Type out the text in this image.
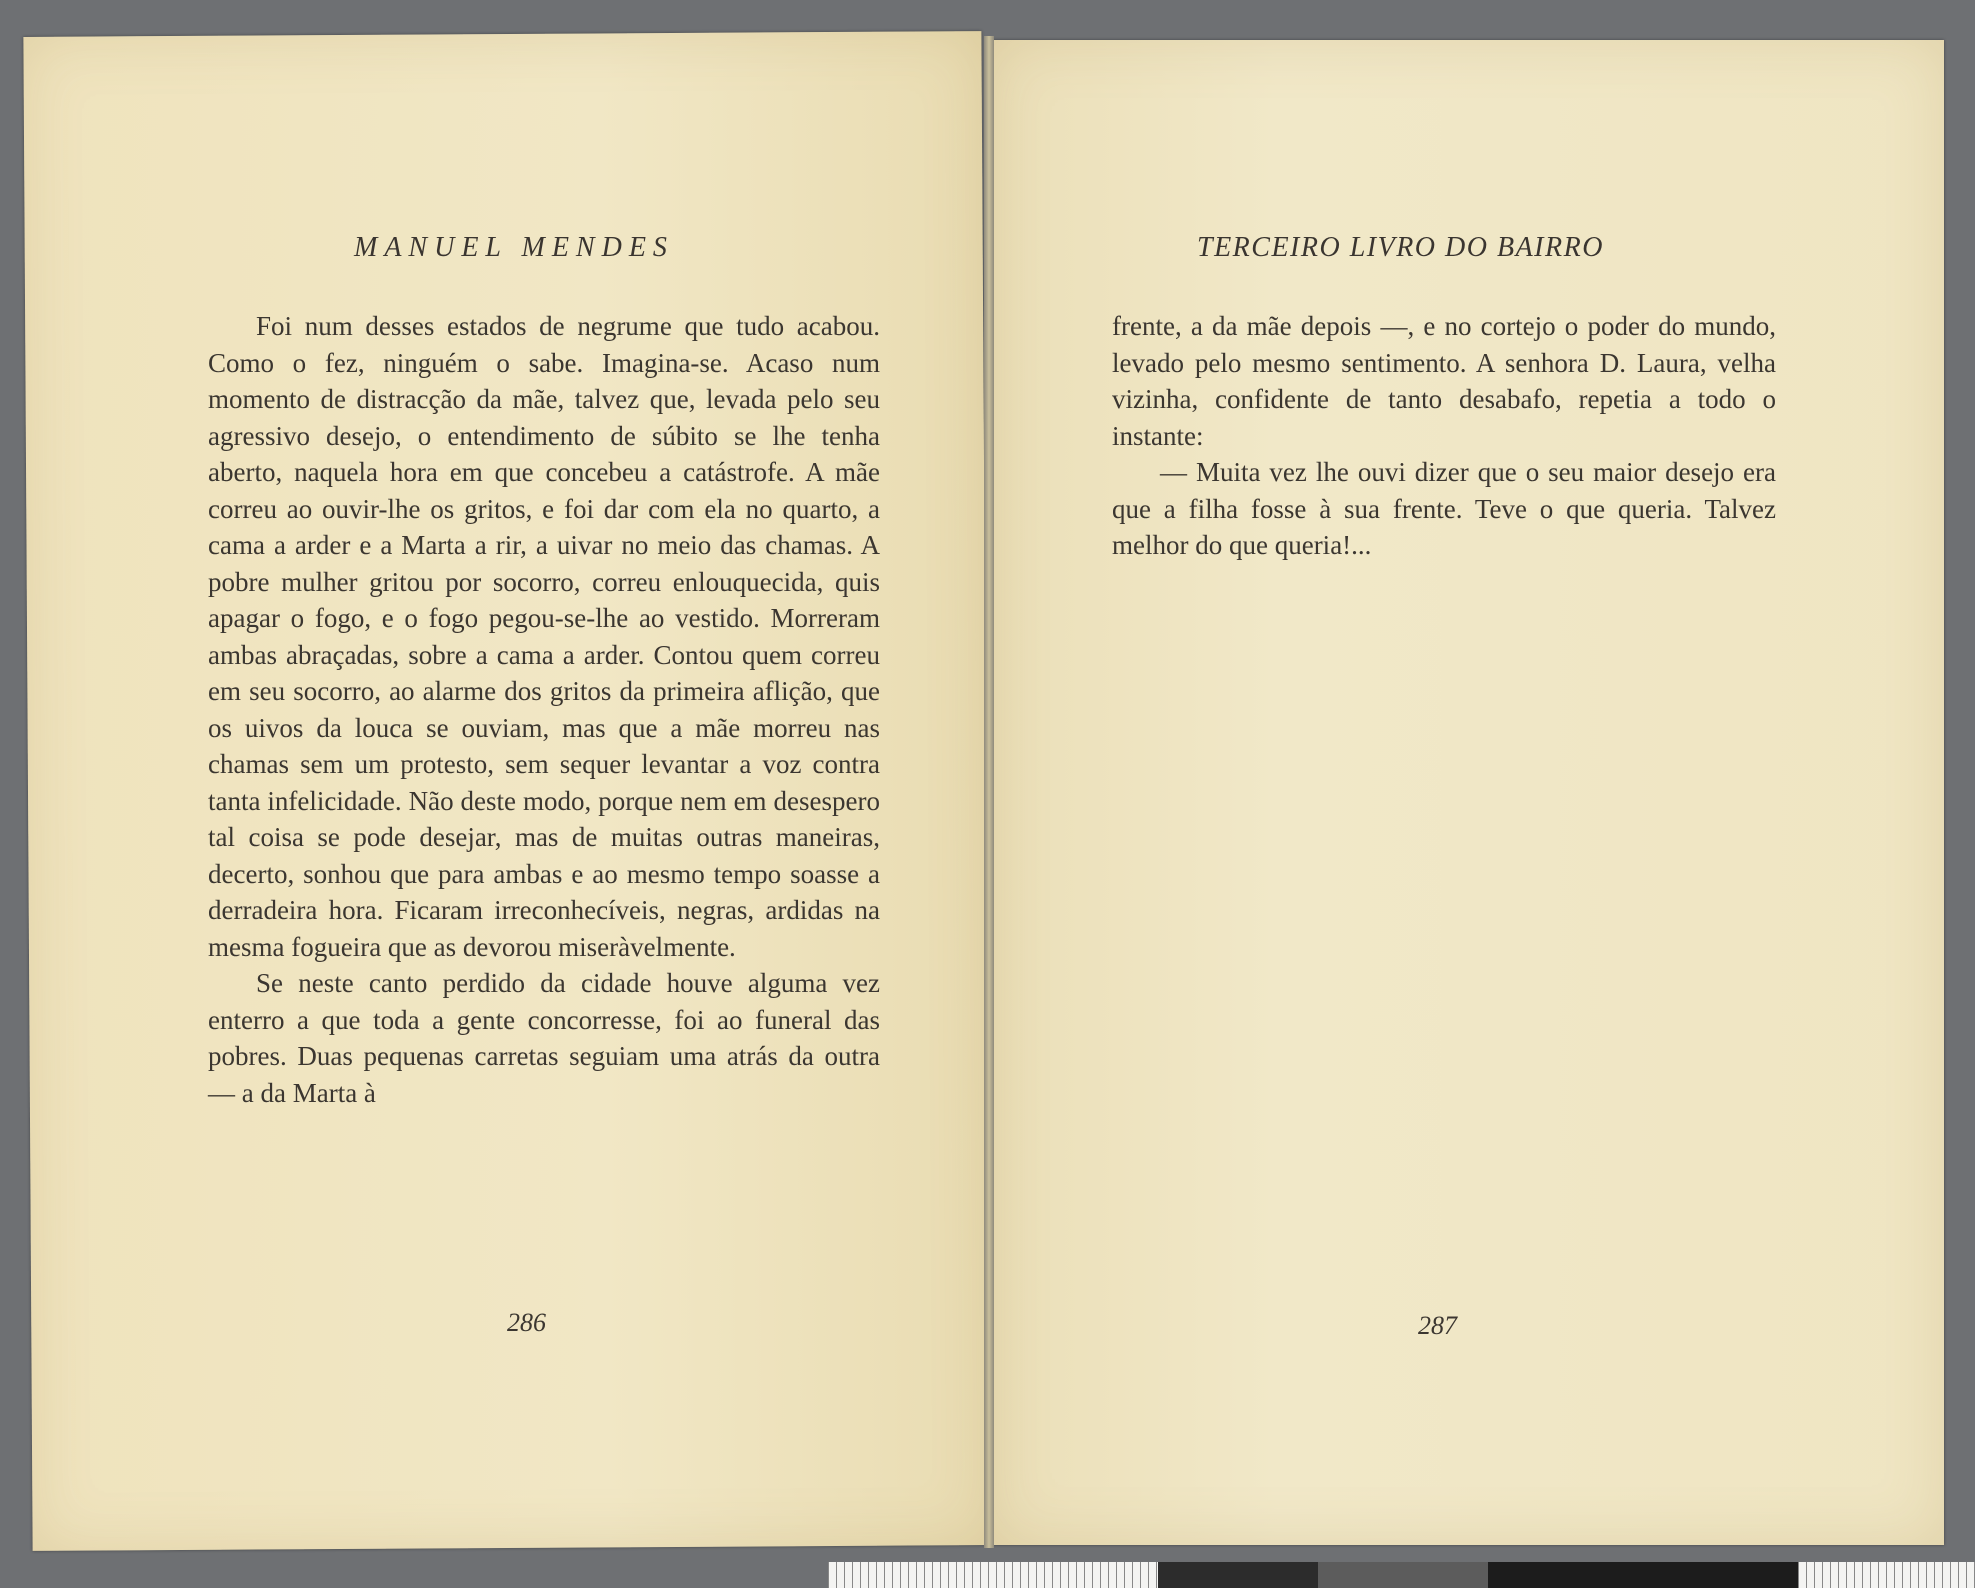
MANUEL MENDES

Foi num desses estados de negrume que tudo acabou. Como o fez, ninguém o sabe. Imagina-se. Acaso num momento de distracção da mãe, talvez que, levada pelo seu agressivo desejo, o entendimento de súbito se lhe tenha aberto, naquela hora em que concebeu a catástrofe. A mãe correu ao ouvir-lhe os gritos, e foi dar com ela no quarto, a cama a arder e a Marta a rir, a uivar no meio das chamas. A pobre mulher gritou por socorro, correu enlouquecida, quis apagar o fogo, e o fogo pegou-se-lhe ao vestido. Morreram ambas abraçadas, sobre a cama a arder. Contou quem correu em seu socorro, ao alarme dos gritos da primeira aflição, que os uivos da louca se ouviam, mas que a mãe morreu nas chamas sem um protesto, sem sequer levantar a voz contra tanta infelicidade. Não deste modo, porque nem em desespero tal coisa se pode desejar, mas de muitas outras maneiras, decerto, sonhou que para ambas e ao mesmo tempo soasse a derradeira hora. Ficaram irreconhecíveis, negras, ardidas na mesma fogueira que as devorou miseràvelmente.

Se neste canto perdido da cidade houve alguma vez enterro a que toda a gente concorresse, foi ao funeral das pobres. Duas pequenas carretas seguiam uma atrás da outra — a da Marta à

286
TERCEIRO LIVRO DO BAIRRO

frente, a da mãe depois —, e no cortejo o poder do mundo, levado pelo mesmo sentimento. A senhora D. Laura, velha vizinha, confidente de tanto desabafo, repetia a todo o instante:

— Muita vez lhe ouvi dizer que o seu maior desejo era que a filha fosse à sua frente. Teve o que queria. Talvez melhor do que queria!...

287
